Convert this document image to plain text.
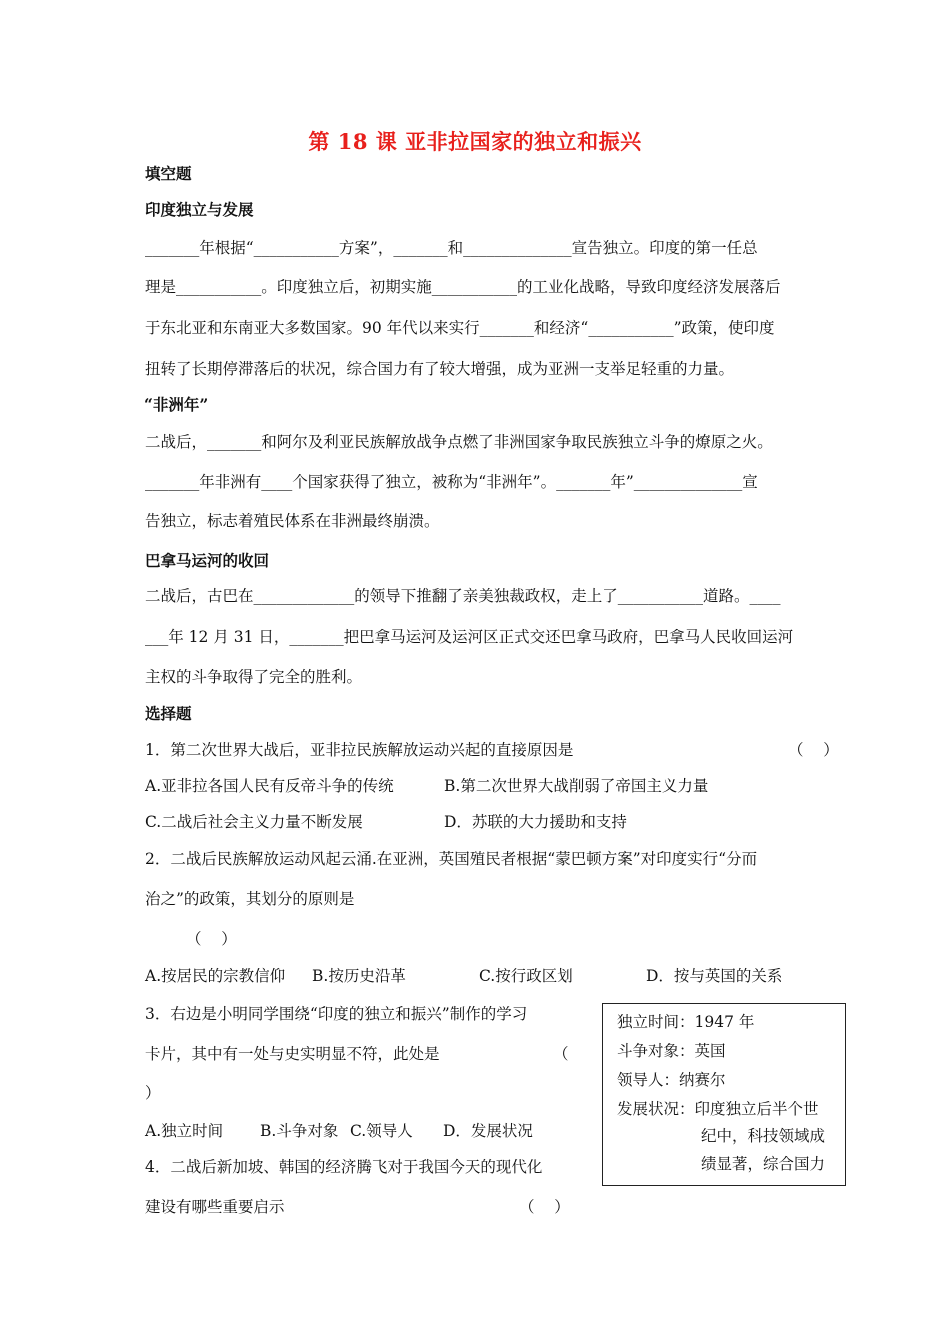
第 18 课 亚非拉国家的独立和振兴
填空题
印度独立与发展
_______年根据“___________方案”，_______和______________宣告独立。印度的第一任总
理是___________。印度独立后，初期实施___________的工业化战略，导致印度经济发展落后
于东北亚和东南亚大多数国家。90 年代以来实行_______和经济“___________”政策，使印度
扭转了长期停滞落后的状况，综合国力有了较大增强，成为亚洲一支举足轻重的力量。
“非洲年”
二战后，_______和阿尔及利亚民族解放战争点燃了非洲国家争取民族独立斗争的燎原之火。
_______年非洲有____个国家获得了独立，被称为“非洲年”。_______年”______________宣
告独立，标志着殖民体系在非洲最终崩溃。
巴拿马运河的收回
二战后，古巴在_____________的领导下推翻了亲美独裁政权，走上了___________道路。____
___年 12 月 31 日，_______把巴拿马运河及运河区正式交还巴拿马政府，巴拿马人民收回运河
主权的斗争取得了完全的胜利。
选择题
1．第二次世界大战后，亚非拉民族解放运动兴起的直接原因是	（    ）
A.亚非拉各国人民有反帝斗争的传统	B.第二次世界大战削弱了帝国主义力量
C.二战后社会主义力量不断发展	D．苏联的大力援助和支持
2．二战后民族解放运动风起云涌.在亚洲，英国殖民者根据“蒙巴顿方案”对印度实行“分而
治之”的政策，其划分的原则是
（    ）
A.按居民的宗教信仰 B.按历史沿革	C.按行政区划	D．按与英国的关系
3．右边是小明同学围绕“印度的独立和振兴”制作的学习
卡片，其中有一处与史实明显不符，此处是	（
）
A.独立时间 B.斗争对象 C.领导人 D．发展状况
4．二战后新加坡、韩国的经济腾飞对于我国今天的现代化
建设有哪些重要启示	（    ）
独立时间：1947 年
斗争对象：英国
领导人：纳赛尔
发展状况：印度独立后半个世
纪中，科技领域成
绩显著，综合国力
